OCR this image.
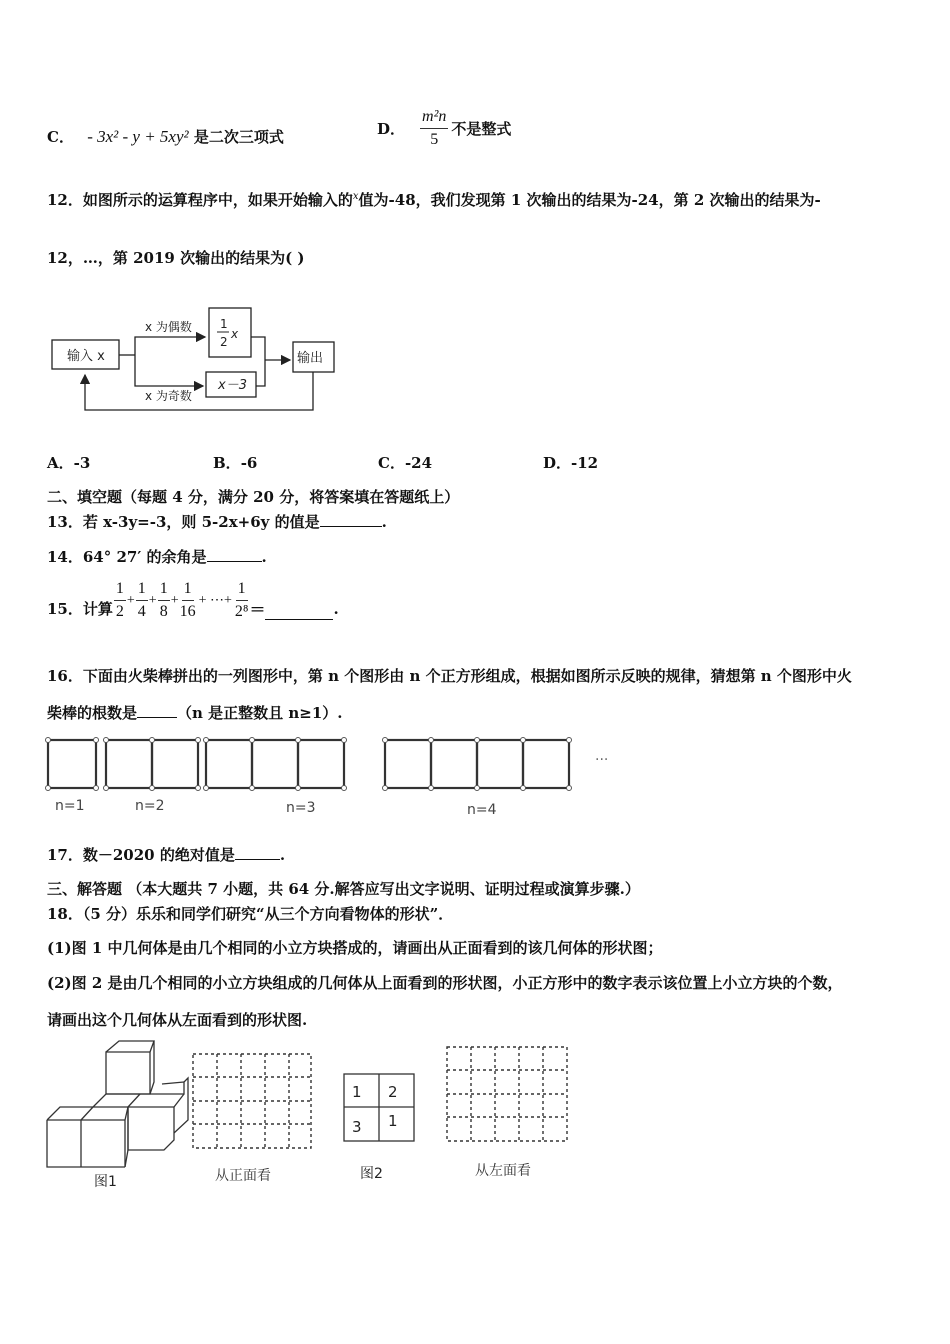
C． - 3x² - y + 5xy² 是二次三项式	D． $\frac{\text{m²n}}{5}$ 不是整式
12．如图所示的运算程序中，如果开始输入的$^x$值为-48，我们发现第 1 次输出的结果为-24，第 2 次输出的结果为-
12，…，第 2019 次输出的结果为( )
输入 x
x 为偶数
x 为奇数
1
2
x
x－3
输出
A．-3	B．-6	C．-24	D．-12
二、填空题（每题 4 分，满分 20 分，将答案填在答题纸上）
13．若 x-3y=-3，则 5-2x+6y 的值是	.
14．64° 27′ 的余角是	.
15．计算 $\frac{1}{2} + \frac{1}{4} + \frac{1}{8} + \frac{1}{16}$ + ⋯+ $\frac{1}{\text{2⁸}}$ ＝	.
16．下面由火柴棒拼出的一列图形中，第 n 个图形由 n 个正方形组成，根据如图所示反映的规律，猜想第 n 个图形中火
柴棒的根数是	（n 是正整数且 n≥1）.
···
n=1	n=2	n=3	n=4
17．数－2020 的绝对值是	.
三、解答题 （本大题共 7 小题，共 64 分.解答应写出文字说明、证明过程或演算步骤.）
18．（5 分）乐乐和同学们研究“从三个方向看物体的形状”．
(1)图 1 中几何体是由几个相同的小立方块搭成的，请画出从正面看到的该几何体的形状图；
(2)图 2 是由几个相同的小立方块组成的几何体从上面看到的形状图，小正方形中的数字表示该位置上小立方块的个数，
请画出这个几何体从左面看到的形状图.
图1	从正面看
1 2
3 1
图2	从左面看
